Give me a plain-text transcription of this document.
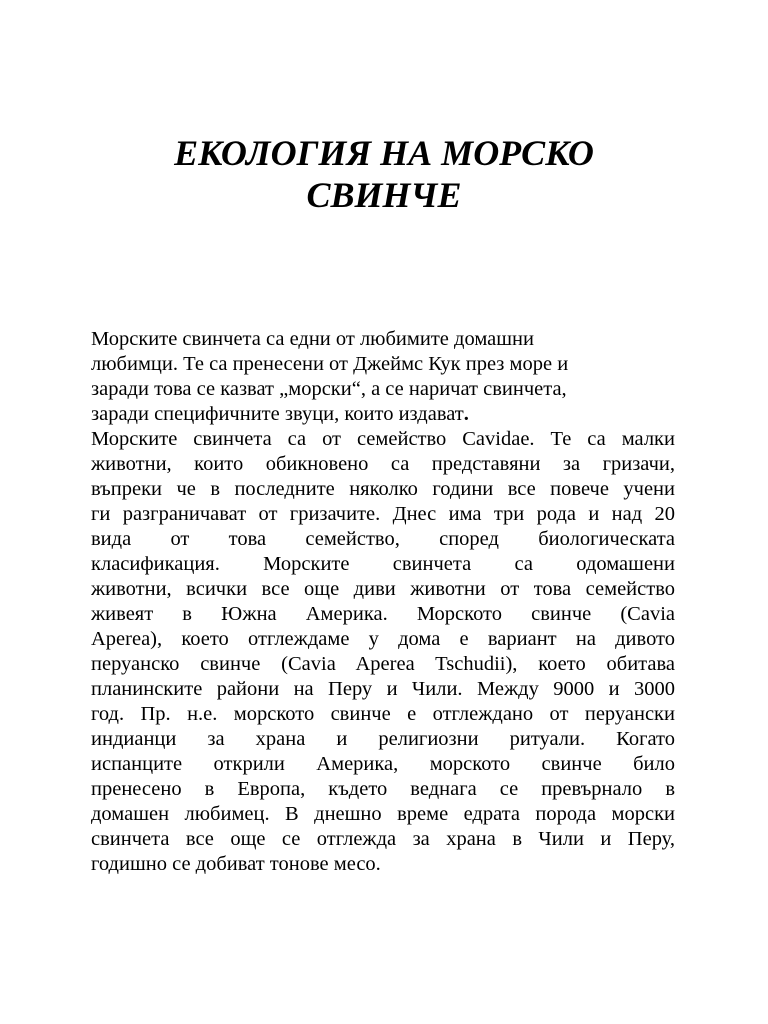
ЕКОЛОГИЯ НА МОРСКО
СВИНЧЕ
Морските свинчета са едни от любимите домашни
любимци. Те са пренесени от Джеймс Кук през море и
заради това се казват „морски“, а се наричат свинчета,
заради специфичните звуци, които издават.
Морските свинчета са от семейство Cavidae. Те са малки
животни, които обикновено са представяни за гризачи,
въпреки че в последните няколко години все повече учени
ги разграничават от гризачите. Днес има три рода и над 20
вида от това семейство, според биологическата
класификация. Морските свинчета са одомашени
животни, всички все още диви животни от това семейство
живеят в Южна Америка. Морското свинче (Cavia
Aperea), което отглеждаме у дома е вариант на дивото
перуанско свинче (Cavia Aperea Tschudii), което обитава
планинските райони на Перу и Чили. Между 9000 и 3000
год. Пр. н.е. морското свинче е отглеждано от перуански
индианци за храна и религиозни ритуали. Когато
испанците открили Америка, морското свинче било
пренесено в Европа, където веднага се превърнало в
домашен любимец. В днешно време едрата порода морски
свинчета все още се отглежда за храна в Чили и Перу,
годишно се добиват тонове месо.
